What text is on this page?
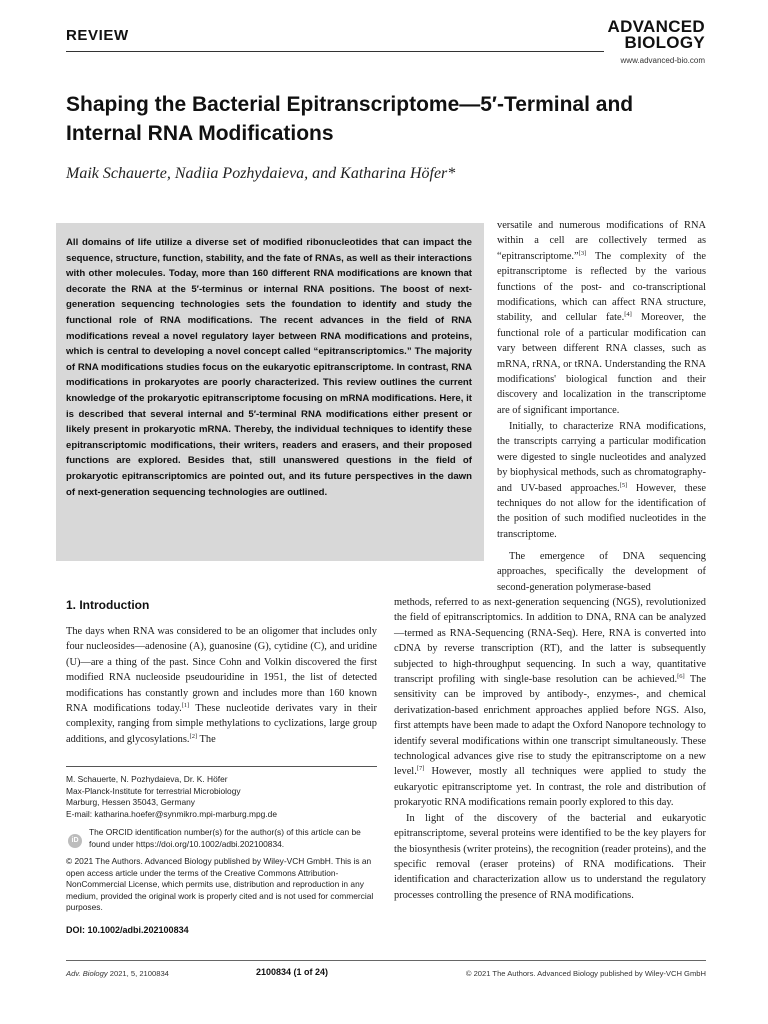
REVIEW	ADVANCED
BIOLOGY
www.advanced-bio.com
Shaping the Bacterial Epitranscriptome—5′-Terminal and Internal RNA Modifications
Maik Schauerte, Nadiia Pozhydaieva, and Katharina Höfer*
All domains of life utilize a diverse set of modified ribonucleotides that can impact the sequence, structure, function, stability, and the fate of RNAs, as well as their interactions with other molecules. Today, more than 160 different RNA modifications are known that decorate the RNA at the 5′-terminus or internal RNA positions. The boost of next-generation sequencing technologies sets the foundation to identify and study the functional role of RNA modifications. The recent advances in the field of RNA modifications reveal a novel regulatory layer between RNA modifications and proteins, which is central to developing a novel concept called “epitranscriptomics.” The majority of RNA modifications studies focus on the eukaryotic epitranscriptome. In contrast, RNA modifications in prokaryotes are poorly characterized. This review outlines the current knowledge of the prokaryotic epitranscriptome focusing on mRNA modifications. Here, it is described that several internal and 5′-terminal RNA modifications either present or likely present in prokaryotic mRNA. Thereby, the individual techniques to identify these epitranscriptomic modifications, their writers, readers and erasers, and their proposed functions are explored. Besides that, still unanswered questions in the field of prokaryotic epitranscriptomics are pointed out, and its future perspectives in the dawn of next-generation sequencing technologies are outlined.
versatile and numerous modifications of RNA within a cell are collectively termed as “epitranscriptome.”[3] The complexity of the epitranscriptome is reflected by the various functions of the post- and co-transcriptional modifications, which can affect RNA structure, stability, and cellular fate.[4] Moreover, the functional role of a particular modification can vary between different RNA classes, such as mRNA, rRNA, or tRNA. Understanding the RNA modifications' biological function and their discovery and localization in the transcriptome are of significant importance.
Initially, to characterize RNA modifications, the transcripts carrying a particular modification were digested to single nucleotides and analyzed by biophysical methods, such as chromatography- and UV-based approaches.[5] However, these techniques do not allow for the identification of the position of such modified nucleotides in the transcriptome.
The emergence of DNA sequencing approaches, specifically the development of second-generation polymerase-based
1. Introduction
The days when RNA was considered to be an oligomer that includes only four nucleosides—adenosine (A), guanosine (G), cytidine (C), and uridine (U)—are a thing of the past. Since Cohn and Volkin discovered the first modified RNA nucleoside pseudouridine in 1951, the list of detected modifications has constantly grown and includes more than 160 known RNA modifications today.[1] These nucleotide derivates vary in their complexity, ranging from simple methylations to cyclizations, large group additions, and glycosylations.[2] The
M. Schauerte, N. Pozhydaieva, Dr. K. Höfer
Max-Planck-Institute for terrestrial Microbiology
Marburg, Hessen 35043, Germany
E-mail: katharina.hoefer@synmikro.mpi-marburg.mpg.de
iD
The ORCID identification number(s) for the author(s) of this article can be found under https://doi.org/10.1002/adbi.202100834.
© 2021 The Authors. Advanced Biology published by Wiley-VCH GmbH. This is an open access article under the terms of the Creative Commons Attribution-NonCommercial License, which permits use, distribution and reproduction in any medium, provided the original work is properly cited and is not used for commercial purposes.
DOI: 10.1002/adbi.202100834

methods, referred to as next-generation sequencing (NGS), revolutionized the field of epitranscriptomics. In addition to DNA, RNA can be analyzed—termed as RNA-Sequencing (RNA-Seq). Here, RNA is converted into cDNA by reverse transcription (RT), and the latter is subsequently subjected to high-throughput sequencing. In such a way, quantitative transcript profiling with single-base resolution can be achieved.[6] The sensitivity can be improved by antibody-, enzymes-, and chemical derivatization-based enrichment approaches applied before NGS. Also, first attempts have been made to adapt the Oxford Nanopore technology to identify several modifications within one transcript simultaneously. These technological advances give rise to study the epitranscriptome on a new level.[7] However, mostly all techniques were applied to study the eukaryotic epitranscriptome yet. In contrast, the role and distribution of prokaryotic RNA modifications remain poorly explored to this day.

In light of the discovery of the bacterial and eukaryotic epitranscriptome, several proteins were identified to be the key players for the biosynthesis (writer proteins), the recognition (reader proteins), and the specific removal (eraser proteins) of RNA modifications. Their identification and characterization allow us to understand the regulatory processes controlling the presence of RNA modifications.

Adv. Biology 2021, 5, 2100834	2100834 (1 of 24)	© 2021 The Authors. Advanced Biology published by Wiley-VCH GmbH
